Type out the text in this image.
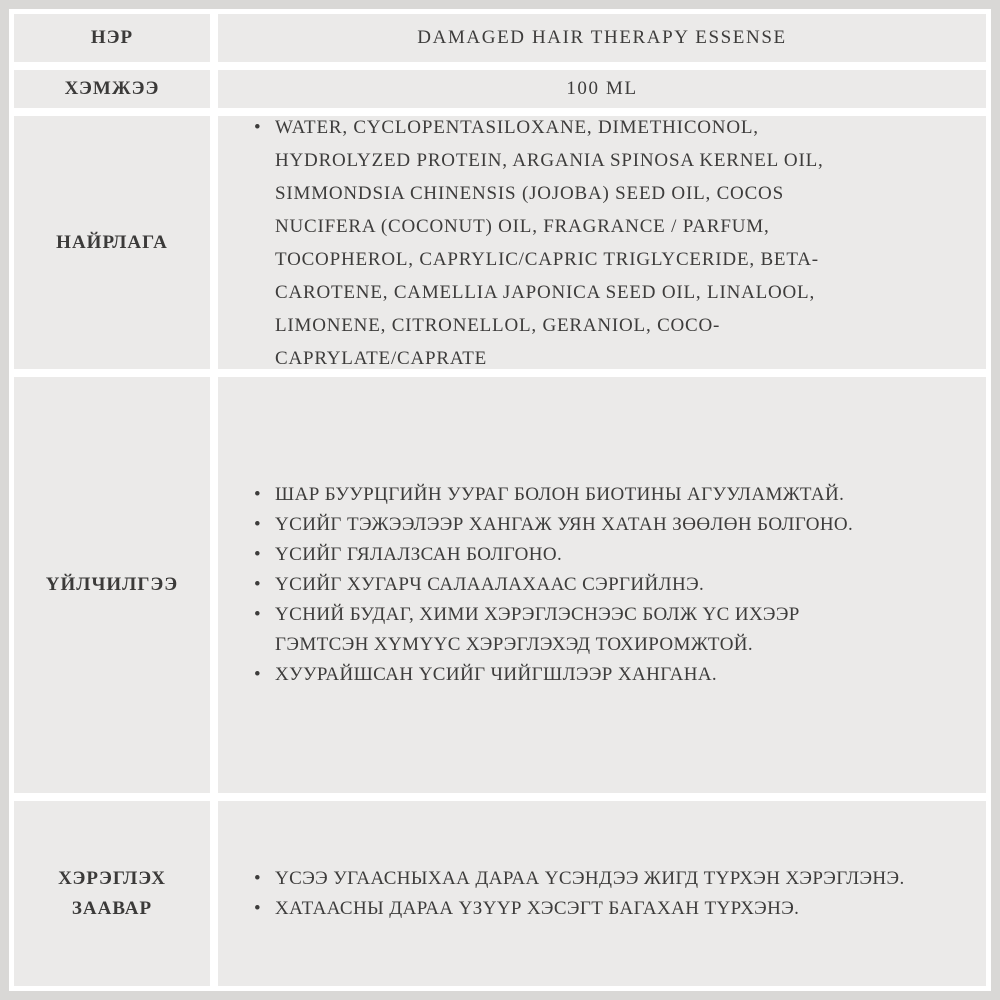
НЭР	DAMAGED HAIR THERAPY ESSENSE
ХЭМЖЭЭ	100 ML
НАЙРЛАГА
• WATER, CYCLOPENTASILOXANE, DIMETHICONOL, HYDROLYZED PROTEIN, ARGANIA SPINOSA KERNEL OIL, SIMMONDSIA CHINENSIS (JOJOBA) SEED OIL, COCOS NUCIFERA (COCONUT) OIL, FRAGRANCE / PARFUM, TOCOPHEROL, CAPRYLIC/CAPRIC TRIGLYCERIDE, BETA-CAROTENE, CAMELLIA JAPONICA SEED OIL, LINALOOL, LIMONENE, CITRONELLOL, GERANIOL, COCO-CAPRYLATE/CAPRATE
ҮЙЛЧИЛГЭЭ
• ШАР БУУРЦГИЙН УУРАГ БОЛОН БИОТИНЫ АГУУЛАМЖТАЙ.
• ҮСИЙГ ТЭЖЭЭЛЭЭР ХАНГАЖ УЯН ХАТАН ЗӨӨЛӨН БОЛГОНО.
• ҮСИЙГ ГЯЛАЛЗСАН БОЛГОНО.
• ҮСИЙГ ХУГАРЧ САЛААЛАХААС СЭРГИЙЛНЭ.
• ҮСНИЙ БУДАГ, ХИМИ ХЭРЭГЛЭСНЭЭС БОЛЖ ҮС ИХЭЭР ГЭМТСЭН ХҮМҮҮС ХЭРЭГЛЭХЭД ТОХИРОМЖТОЙ.
• ХУУРАЙШСАН ҮСИЙГ ЧИЙГШЛЭЭР ХАНГАНА.
ХЭРЭГЛЭХ ЗААВАР
• ҮСЭЭ УГААСНЫХАА ДАРАА ҮСЭНДЭЭ ЖИГД ТҮРХЭН ХЭРЭГЛЭНЭ.
• ХАТААСНЫ ДАРАА ҮЗҮҮР ХЭСЭГТ БАГАХАН ТҮРХЭНЭ.
